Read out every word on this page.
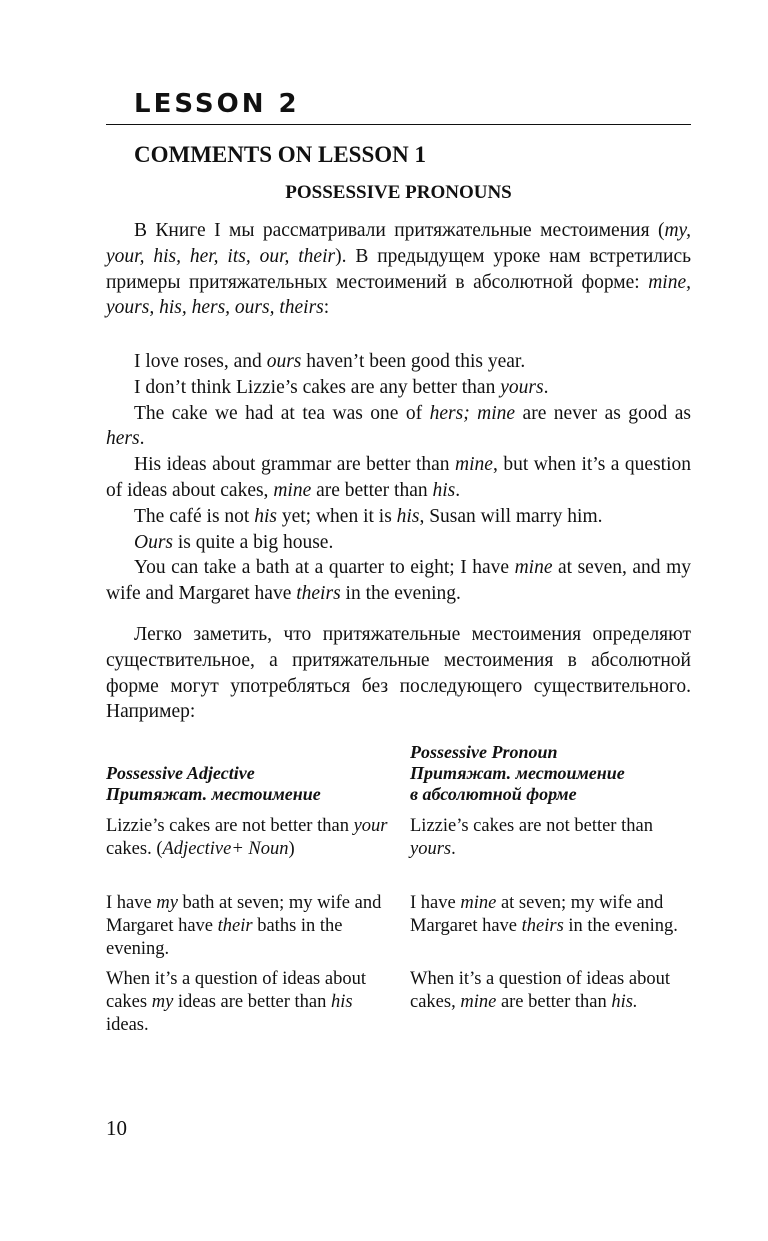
LESSON 2
COMMENTS ON LESSON 1
POSSESSIVE PRONOUNS

В Книге I мы рассматривали притяжательные местоимения (my, your, his, her, its, our, their). В предыдущем уроке нам встретились примеры притяжательных местоимений в абсолютной форме: mine, yours, his, hers, ours, theirs:

I love roses, and ours haven’t been good this year.

I don’t think Lizzie’s cakes are any better than yours.

The cake we had at tea was one of hers; mine are never as good as hers.

His ideas about grammar are better than mine, but when it’s a question of ideas about cakes, mine are better than his.

The café is not his yet; when it is his, Susan will marry him.

Ours is quite a big house.

You can take a bath at a quarter to eight; I have mine at seven, and my wife and Margaret have theirs in the evening.

Легко заметить, что притяжательные местоимения определяют существительное, а притяжательные местоимения в абсолютной форме могут употребляться без последующего существительного. Например:

Possessive Adjective
Притяжат. местоимение
Possessive Pronoun
Притяжат. местоимение
в абсолютной форме

Lizzie’s cakes are not better than your cakes. (Adjective+ Noun)

Lizzie’s cakes are not better than yours.

I have my bath at seven; my wife and Margaret have their baths in the evening.

I have mine at seven; my wife and Margaret have theirs in the evening.

When it’s a question of ideas about cakes my ideas are better than his ideas.

When it’s a question of ideas about cakes, mine are better than his.

10
